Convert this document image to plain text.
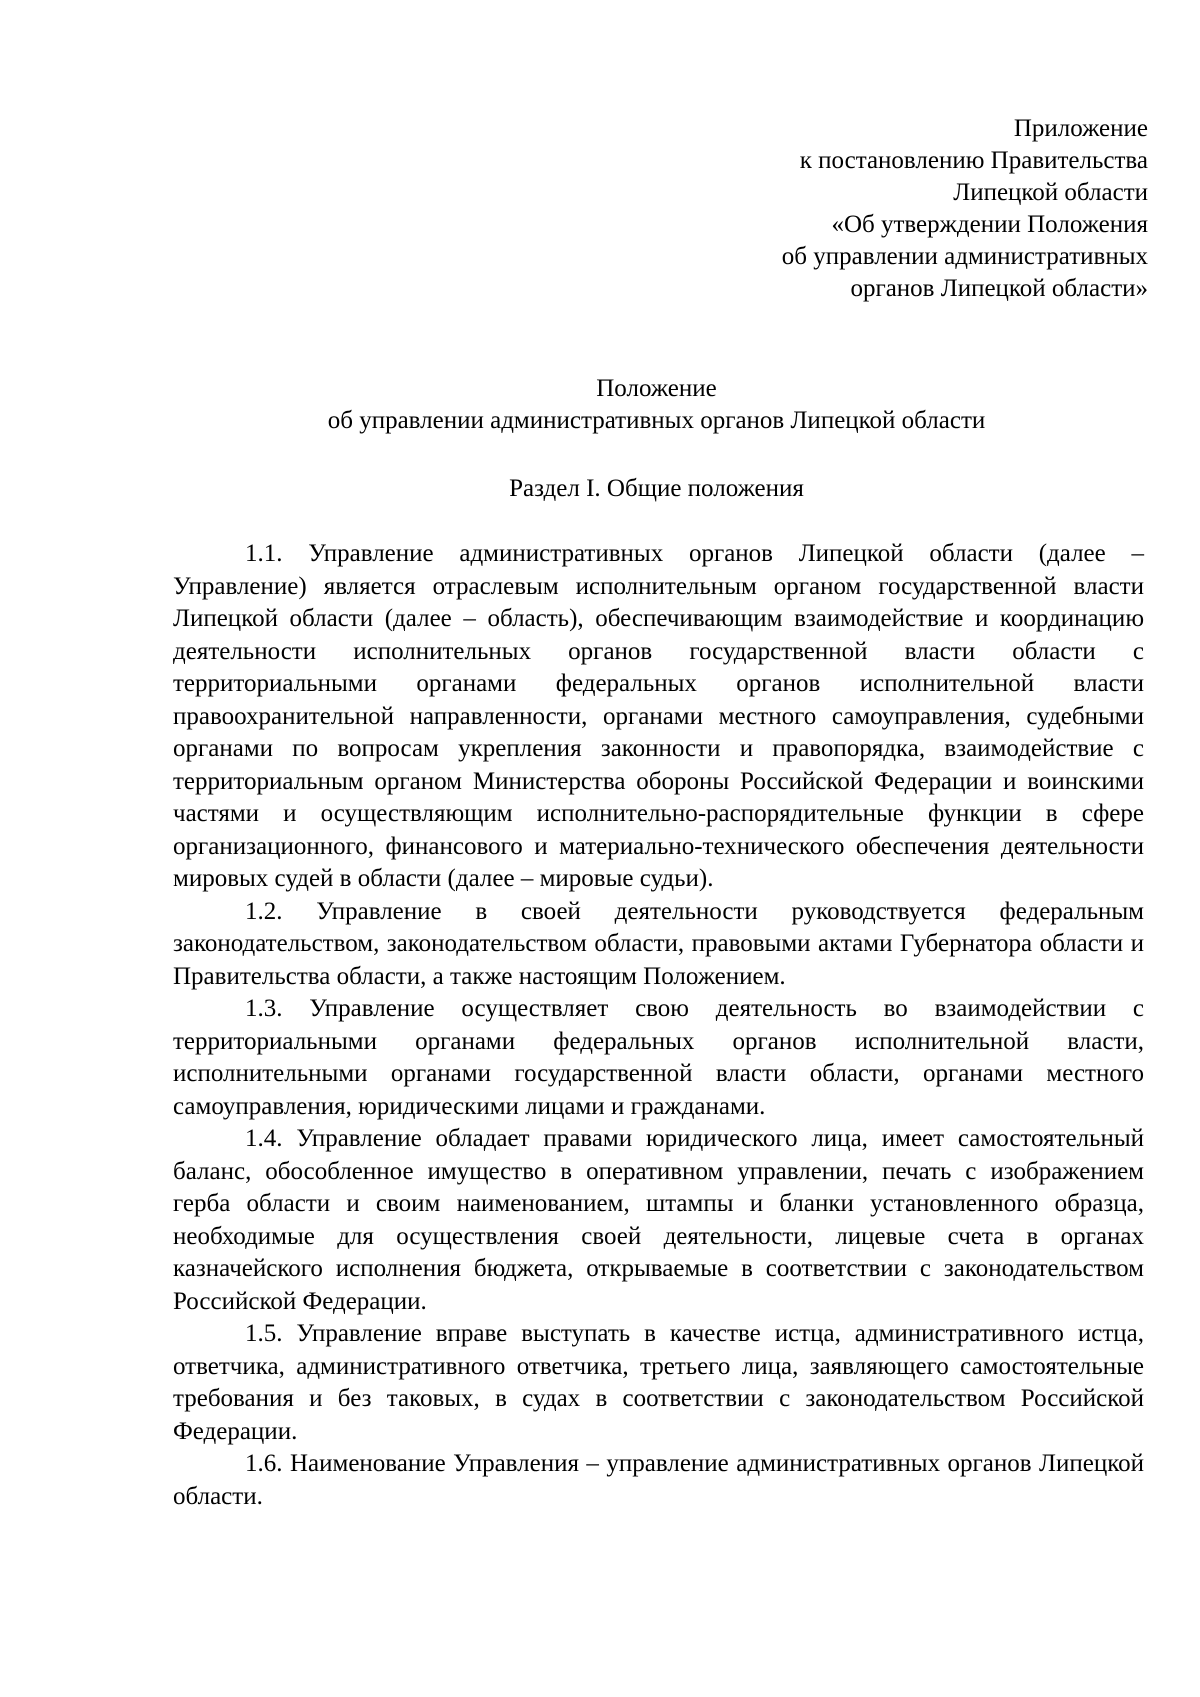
Приложение
к постановлению Правительства
Липецкой области
«Об утверждении Положения
об управлении административных
органов Липецкой области»
Положение
об управлении административных органов Липецкой области
Раздел I. Общие положения

1.1. Управление административных органов Липецкой области (далее – Управление) является отраслевым исполнительным органом государственной власти Липецкой области (далее – область), обеспечивающим взаимодействие и координацию деятельности исполнительных органов государственной власти области с территориальными органами федеральных органов исполнительной власти правоохранительной направленности, органами местного самоуправления, судебными органами по вопросам укрепления законности и правопорядка, взаимодействие с территориальным органом Министерства обороны Российской Федерации и воинскими частями и осуществляющим исполнительно-распорядительные функции в сфере организационного, финансового и материально-технического обеспечения деятельности мировых судей в области (далее – мировые судьи).

1.2. Управление в своей деятельности руководствуется федеральным законодательством, законодательством области, правовыми актами Губернатора области и Правительства области, а также настоящим Положением.

1.3. Управление осуществляет свою деятельность во взаимодействии с территориальными органами федеральных органов исполнительной власти, исполнительными органами государственной власти области, органами местного самоуправления, юридическими лицами и гражданами.

1.4. Управление обладает правами юридического лица, имеет самостоятельный баланс, обособленное имущество в оперативном управлении, печать с изображением герба области и своим наименованием, штампы и бланки установленного образца, необходимые для осуществления своей деятельности, лицевые счета в органах казначейского исполнения бюджета, открываемые в соответствии с законодательством Российской Федерации.

1.5. Управление вправе выступать в качестве истца, административного истца, ответчика, административного ответчика, третьего лица, заявляющего самостоятельные требования и без таковых, в судах в соответствии с законодательством Российской Федерации.

1.6. Наименование Управления – управление административных органов Липецкой области.
